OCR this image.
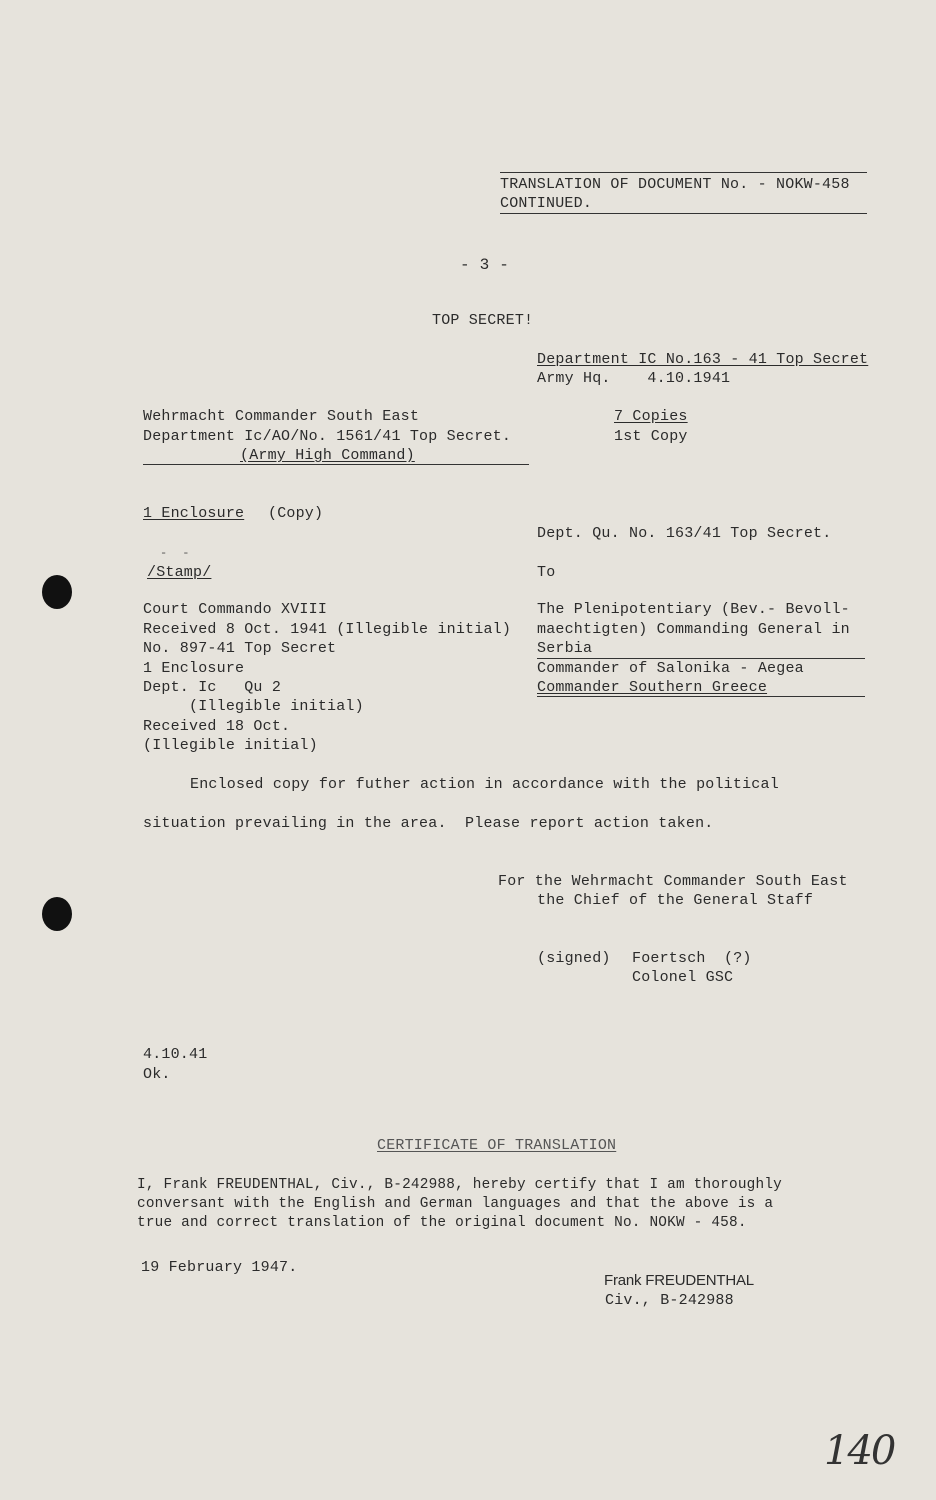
TRANSLATION OF DOCUMENT No. - NOKW-458
CONTINUED.
- 3 -
TOP SECRET!
Department IC No.163 - 41 Top Secret
Army Hq.    4.10.1941
Wehrmacht Commander South East
Department Ic/AO/No. 1561/41 Top Secret.
(Army High Command)
7 Copies
1st Copy
1 Enclosure (Copy)
Dept. Qu. No. 163/41 Top Secret.
-  -
/Stamp/	To
Court Commando XVIII
Received 8 Oct. 1941 (Illegible initial)
No. 897-41 Top Secret
1 Enclosure
Dept. Ic   Qu 2
(Illegible initial)
Received 18 Oct.
(Illegible initial)
The Plenipotentiary (Bev.- Bevoll-
maechtigten) Commanding General in
Serbia
Commander of Salonika - Aegea
Commander Southern Greece
Enclosed copy for futher action in accordance with the political
situation prevailing in the area.  Please report action taken.
For the Wehrmacht Commander South East
the Chief of the General Staff
(signed) Foertsch  (?)
Colonel GSC
4.10.41
Ok.
CERTIFICATE OF TRANSLATION
I, Frank FREUDENTHAL, Civ., B-242988, hereby certify that I am thoroughly
conversant with the English and German languages and that the above is a
true and correct translation of the original document No. NOKW - 458.
19 February 1947.
Frank FREUDENTHAL
Civ., B-242988
140
